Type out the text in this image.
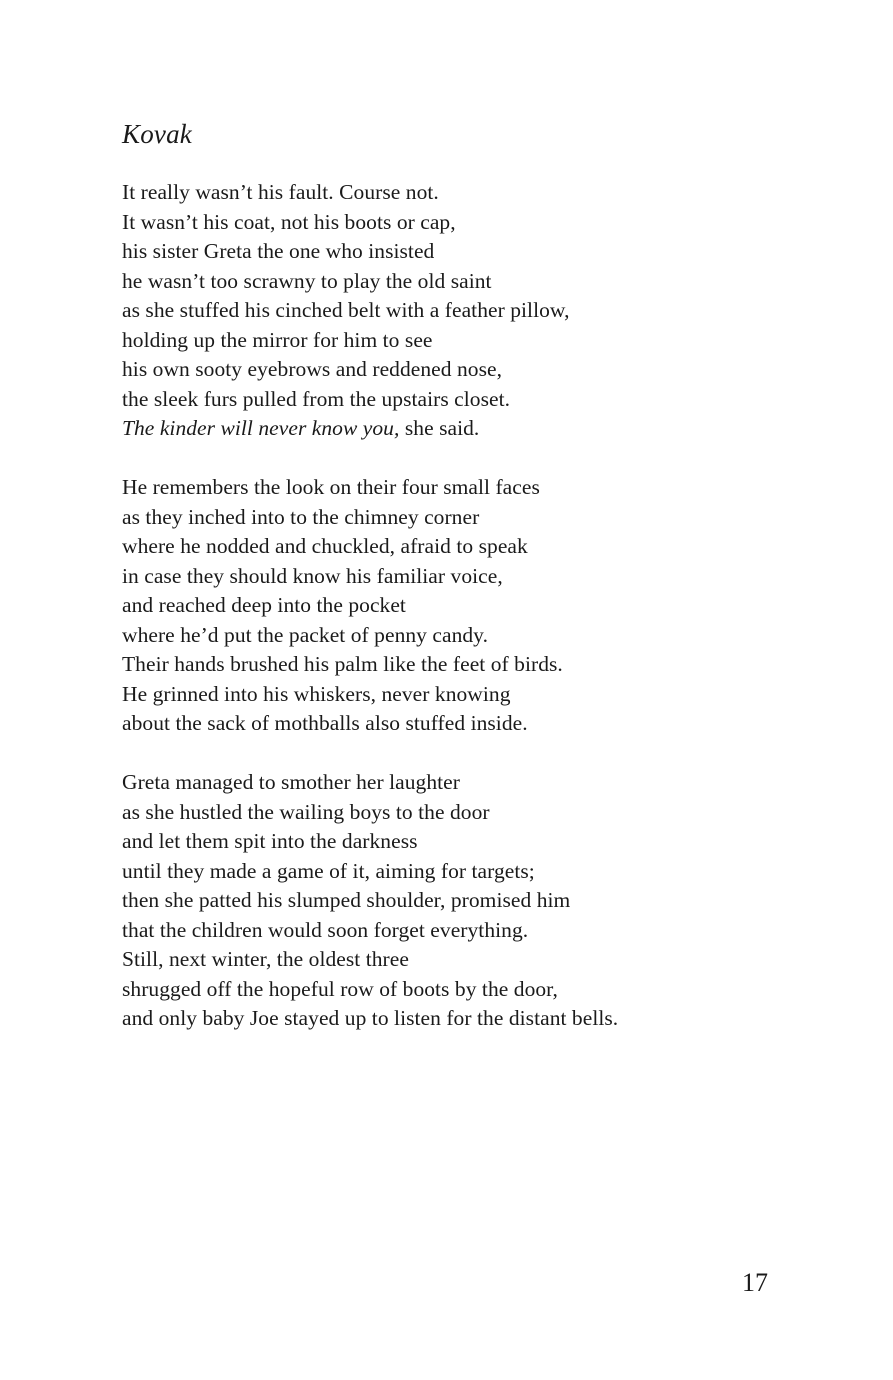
Kovak
It really wasn’t his fault. Course not.
It wasn’t his coat, not his boots or cap,
his sister Greta the one who insisted
he wasn’t too scrawny to play the old saint
as she stuffed his cinched belt with a feather pillow,
holding up the mirror for him to see
his own sooty eyebrows and reddened nose,
the sleek furs pulled from the upstairs closet.
The kinder will never know you, she said.
He remembers the look on their four small faces
as they inched into to the chimney corner
where he nodded and chuckled, afraid to speak
in case they should know his familiar voice,
and reached deep into the pocket
where he’d put the packet of penny candy.
Their hands brushed his palm like the feet of birds.
He grinned into his whiskers, never knowing
about the sack of mothballs also stuffed inside.
Greta managed to smother her laughter
as she hustled the wailing boys to the door
and let them spit into the darkness
until they made a game of it, aiming for targets;
then she patted his slumped shoulder, promised him
that the children would soon forget everything.
Still, next winter, the oldest three
shrugged off the hopeful row of boots by the door,
and only baby Joe stayed up to listen for the distant bells.
17
